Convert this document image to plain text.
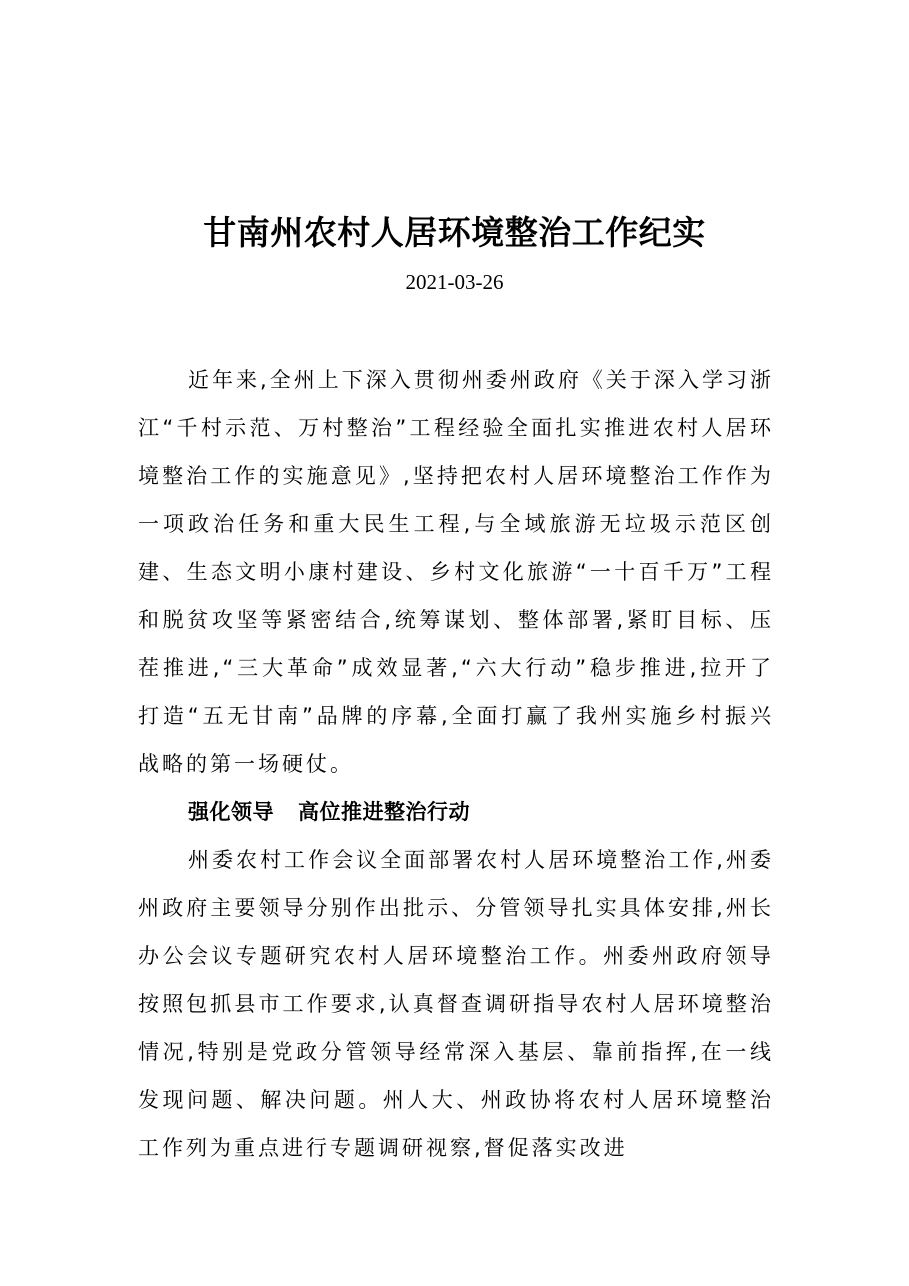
甘南州农村人居环境整治工作纪实
2021-03-26

近年来,全州上下深入贯彻州委州政府《关于深入学习浙江“千村示范、万村整治”工程经验全面扎实推进农村人居环境整治工作的实施意见》,坚持把农村人居环境整治工作作为一项政治任务和重大民生工程,与全域旅游无垃圾示范区创建、生态文明小康村建设、乡村文化旅游“一十百千万”工程和脱贫攻坚等紧密结合,统筹谋划、整体部署,紧盯目标、压茬推进,“三大革命”成效显著,“六大行动”稳步推进,拉开了打造“五无甘南”品牌的序幕,全面打赢了我州实施乡村振兴战略的第一场硬仗。

强化领导 高位推进整治行动

州委农村工作会议全面部署农村人居环境整治工作,州委州政府主要领导分别作出批示、分管领导扎实具体安排,州长办公会议专题研究农村人居环境整治工作。州委州政府领导按照包抓县市工作要求,认真督查调研指导农村人居环境整治情况,特别是党政分管领导经常深入基层、靠前指挥,在一线发现问题、解决问题。州人大、州政协将农村人居环境整治工作列为重点进行专题调研视察,督促落实改进
